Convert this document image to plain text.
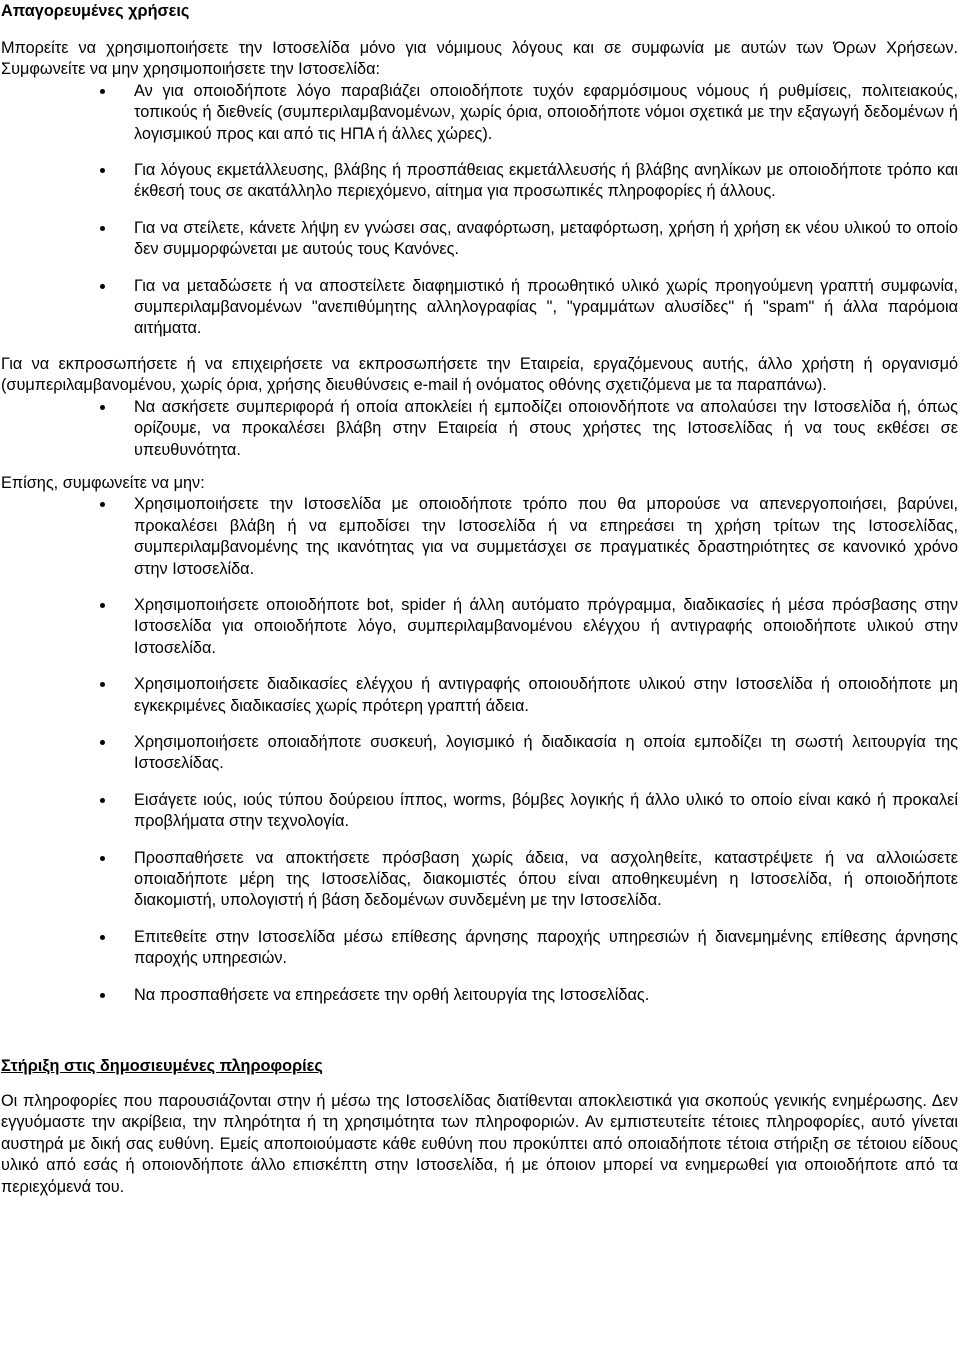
Απαγορευμένες χρήσεις

Μπορείτε να χρησιμοποιήσετε την Ιστοσελίδα μόνο για νόμιμους λόγους και σε συμφωνία με αυτών των Όρων Χρήσεων. Συμφωνείτε να μην χρησιμοποιήσετε την Ιστοσελίδα:

Αν για οποιοδήποτε λόγο παραβιάζει οποιοδήποτε τυχόν εφαρμόσιμους νόμους ή ρυθμίσεις, πολιτειακούς, τοπικούς ή διεθνείς (συμπεριλαμβανομένων, χωρίς όρια, οποιοδήποτε νόμοι σχετικά με την εξαγωγή δεδομένων ή λογισμικού προς και από τις ΗΠΑ ή άλλες χώρες).
Για λόγους εκμετάλλευσης, βλάβης ή προσπάθειας εκμετάλλευσής ή βλάβης ανηλίκων με οποιοδήποτε τρόπο και έκθεσή τους σε ακατάλληλο περιεχόμενο, αίτημα για προσωπικές πληροφορίες ή άλλους.
Για να στείλετε, κάνετε λήψη εν γνώσει σας, αναφόρτωση, μεταφόρτωση, χρήση ή χρήση εκ νέου υλικού το οποίο δεν συμμορφώνεται με αυτούς τους Κανόνες.
Για να μεταδώσετε ή να αποστείλετε διαφημιστικό ή προωθητικό υλικό χωρίς προηγούμενη γραπτή συμφωνία, συμπεριλαμβανομένων "ανεπιθύμητης αλληλογραφίας ", "γραμμάτων αλυσίδες" ή "spam" ή άλλα παρόμοια αιτήματα.

Για να εκπροσωπήσετε ή να επιχειρήσετε να εκπροσωπήσετε την Εταιρεία, εργαζόμενους αυτής, άλλο χρήστη ή οργανισμό (συμπεριλαμβανομένου, χωρίς όρια, χρήσης διευθύνσεις e-mail ή ονόματος οθόνης σχετιζόμενα με τα παραπάνω).

Να ασκήσετε συμπεριφορά ή οποία αποκλείει ή εμποδίζει οποιονδήποτε να απολαύσει την Ιστοσελίδα ή, όπως ορίζουμε, να προκαλέσει βλάβη στην Εταιρεία ή στους χρήστες της Ιστοσελίδας ή να τους εκθέσει σε υπευθυνότητα.

Επίσης, συμφωνείτε να μην:

Χρησιμοποιήσετε την Ιστοσελίδα με οποιοδήποτε τρόπο που θα μπορούσε να απενεργοποιήσει, βαρύνει, προκαλέσει βλάβη ή να εμποδίσει την Ιστοσελίδα ή να επηρεάσει τη χρήση τρίτων της Ιστοσελίδας, συμπεριλαμβανομένης της ικανότητας για να συμμετάσχει σε πραγματικές δραστηριότητες σε κανονικό χρόνο στην Ιστοσελίδα.
Χρησιμοποιήσετε οποιοδήποτε bot, spider ή άλλη αυτόματο πρόγραμμα, διαδικασίες ή μέσα πρόσβασης στην Ιστοσελίδα για οποιοδήποτε λόγο, συμπεριλαμβανομένου ελέγχου ή αντιγραφής οποιοδήποτε υλικού στην Ιστοσελίδα.
Χρησιμοποιήσετε διαδικασίες ελέγχου ή αντιγραφής οποιουδήποτε υλικού στην Ιστοσελίδα ή οποιοδήποτε μη εγκεκριμένες διαδικασίες χωρίς πρότερη γραπτή άδεια.
Χρησιμοποιήσετε οποιαδήποτε συσκευή, λογισμικό ή διαδικασία η οποία εμποδίζει τη σωστή λειτουργία της Ιστοσελίδας.
Εισάγετε ιούς, ιούς τύπου δούρειου ίππος, worms, βόμβες λογικής ή άλλο υλικό το οποίο είναι κακό ή προκαλεί προβλήματα στην τεχνολογία.
Προσπαθήσετε να αποκτήσετε πρόσβαση χωρίς άδεια, να ασχοληθείτε, καταστρέψετε ή να αλλοιώσετε οποιαδήποτε μέρη της Ιστοσελίδας, διακομιστές όπου είναι αποθηκευμένη η Ιστοσελίδα, ή οποιοδήποτε διακομιστή, υπολογιστή ή βάση δεδομένων συνδεμένη με την Ιστοσελίδα.
Επιτεθείτε στην Ιστοσελίδα μέσω επίθεσης άρνησης παροχής υπηρεσιών ή διανεμημένης επίθεσης άρνησης παροχής υπηρεσιών.
Να προσπαθήσετε να επηρεάσετε την ορθή λειτουργία της Ιστοσελίδας.
Στήριξη στις δημοσιευμένες πληροφορίες

Οι πληροφορίες που παρουσιάζονται στην ή μέσω της Ιστοσελίδας διατίθενται αποκλειστικά για σκοπούς γενικής ενημέρωσης. Δεν εγγυόμαστε την ακρίβεια, την πληρότητα ή τη χρησιμότητα των πληροφοριών. Αν εμπιστευτείτε τέτοιες πληροφορίες, αυτό γίνεται αυστηρά με δική σας ευθύνη. Εμείς αποποιούμαστε κάθε ευθύνη που προκύπτει από οποιαδήποτε τέτοια στήριξη σε τέτοιου είδους υλικό από εσάς ή οποιονδήποτε άλλο επισκέπτη στην Ιστοσελίδα, ή με όποιον μπορεί να ενημερωθεί για οποιοδήποτε από τα περιεχόμενά του.
